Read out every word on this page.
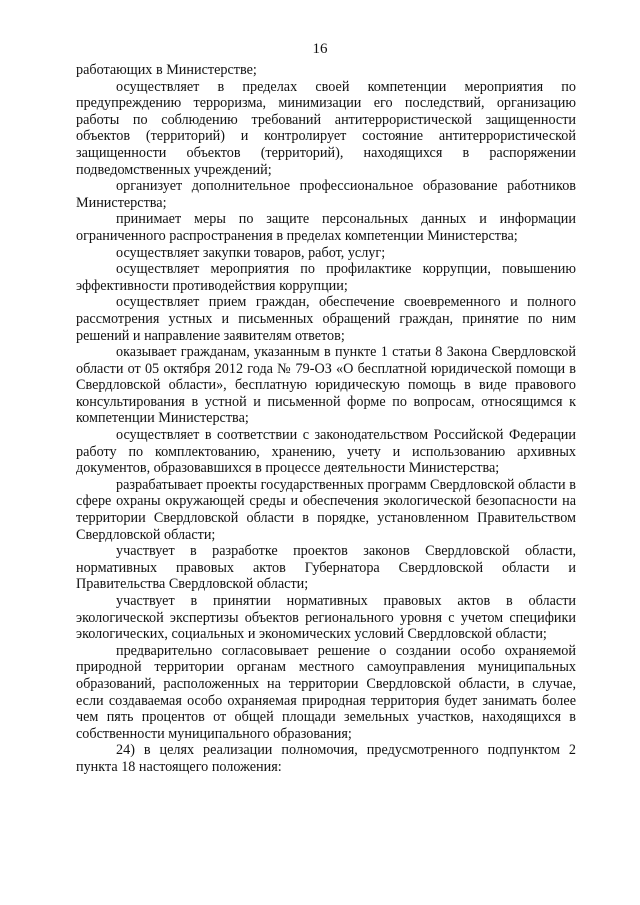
16

работающих в Министерстве;

осуществляет в пределах своей компетенции мероприятия по предупреждению терроризма, минимизации его последствий, организацию работы по соблюдению требований антитеррористической защищенности объектов (территорий) и контролирует состояние антитеррористической защищенности объектов (территорий), находящихся в распоряжении подведомственных учреждений;

организует дополнительное профессиональное образование работников Министерства;

принимает меры по защите персональных данных и информации ограниченного распространения в пределах компетенции Министерства;

осуществляет закупки товаров, работ, услуг;

осуществляет мероприятия по профилактике коррупции, повышению эффективности противодействия коррупции;

осуществляет прием граждан, обеспечение своевременного и полного рассмотрения устных и письменных обращений граждан, принятие по ним решений и направление заявителям ответов;

оказывает гражданам, указанным в пункте 1 статьи 8 Закона Свердловской области от 05 октября 2012 года № 79-ОЗ «О бесплатной юридической помощи в Свердловской области», бесплатную юридическую помощь в виде правового консультирования в устной и письменной форме по вопросам, относящимся к компетенции Министерства;

осуществляет в соответствии с законодательством Российской Федерации работу по комплектованию, хранению, учету и использованию архивных документов, образовавшихся в процессе деятельности Министерства;

разрабатывает проекты государственных программ Свердловской области в сфере охраны окружающей среды и обеспечения экологической безопасности на территории Свердловской области в порядке, установленном Правительством Свердловской области;

участвует в разработке проектов законов Свердловской области, нормативных правовых актов Губернатора Свердловской области и Правительства Свердловской области;

участвует в принятии нормативных правовых актов в области экологической экспертизы объектов регионального уровня с учетом специфики экологических, социальных и экономических условий Свердловской области;

предварительно согласовывает решение о создании особо охраняемой природной территории органам местного самоуправления муниципальных образований, расположенных на территории Свердловской области, в случае, если создаваемая особо охраняемая природная территория будет занимать более чем пять процентов от общей площади земельных участков, находящихся в собственности муниципального образования;

24) в целях реализации полномочия, предусмотренного подпунктом 2 пункта 18 настоящего положения:
